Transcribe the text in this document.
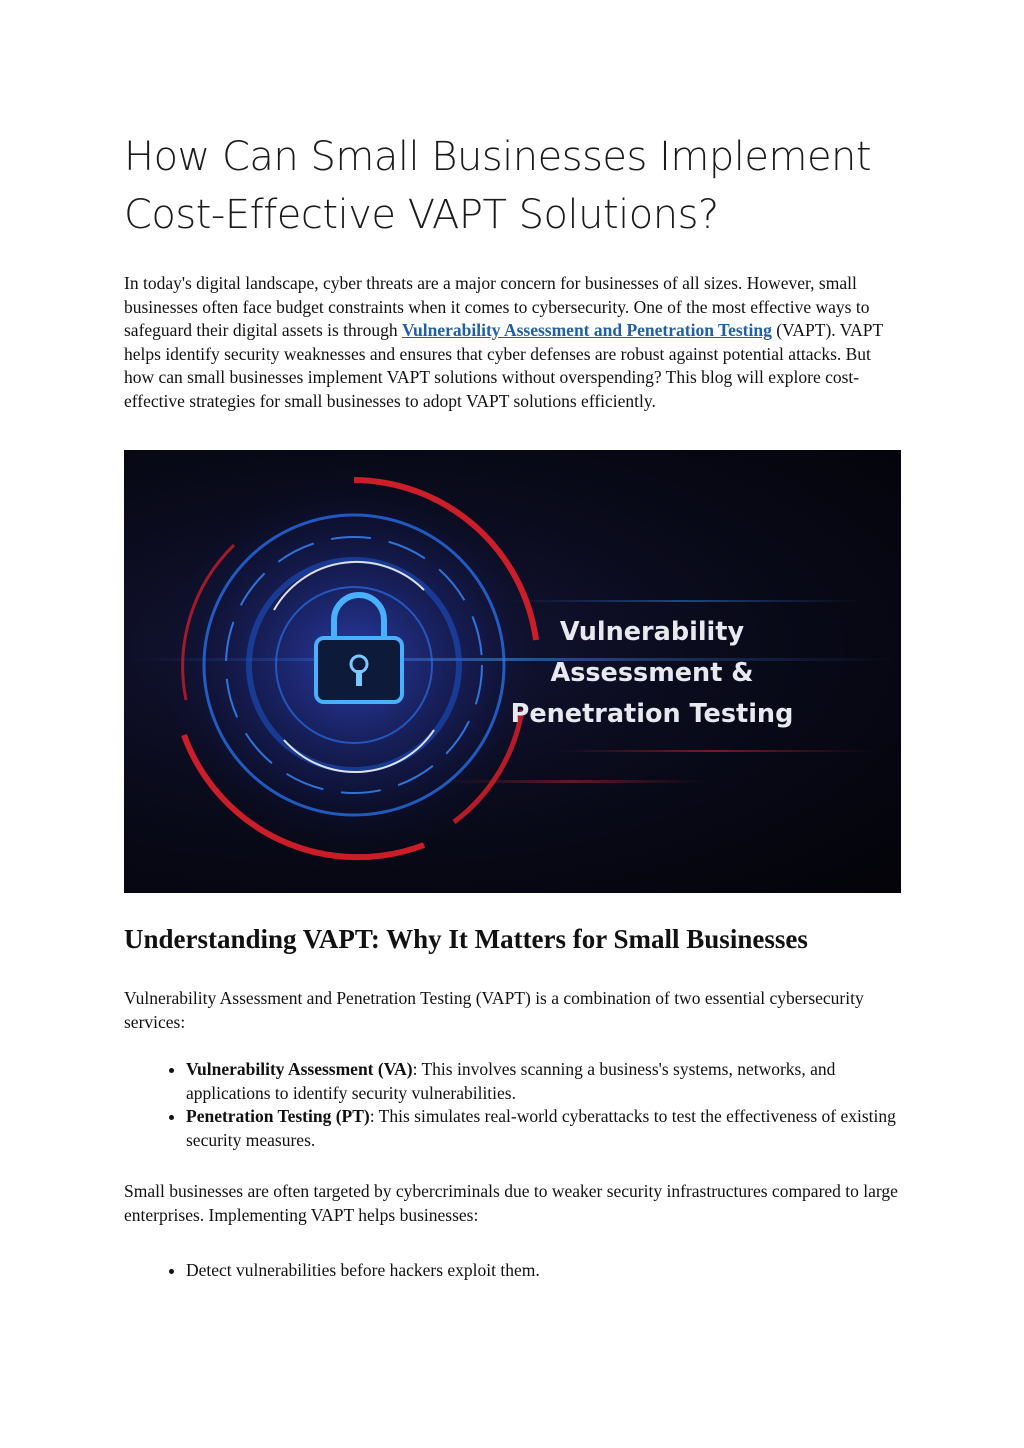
How Can Small Businesses Implement Cost-Effective VAPT Solutions?

In today's digital landscape, cyber threats are a major concern for businesses of all sizes. However, small businesses often face budget constraints when it comes to cybersecurity. One of the most effective ways to safeguard their digital assets is through Vulnerability Assessment and Penetration Testing (VAPT). VAPT helps identify security weaknesses and ensures that cyber defenses are robust against potential attacks. But how can small businesses implement VAPT solutions without overspending? This blog will explore cost-effective strategies for small businesses to adopt VAPT solutions efficiently.

Vulnerability
Assessment &
Penetration Testing
Understanding VAPT: Why It Matters for Small Businesses

Vulnerability Assessment and Penetration Testing (VAPT) is a combination of two essential cybersecurity services:

• Vulnerability Assessment (VA): This involves scanning a business's systems, networks, and applications to identify security vulnerabilities.
• Penetration Testing (PT): This simulates real-world cyberattacks to test the effectiveness of existing security measures.

Small businesses are often targeted by cybercriminals due to weaker security infrastructures compared to large enterprises. Implementing VAPT helps businesses:

• Detect vulnerabilities before hackers exploit them.
